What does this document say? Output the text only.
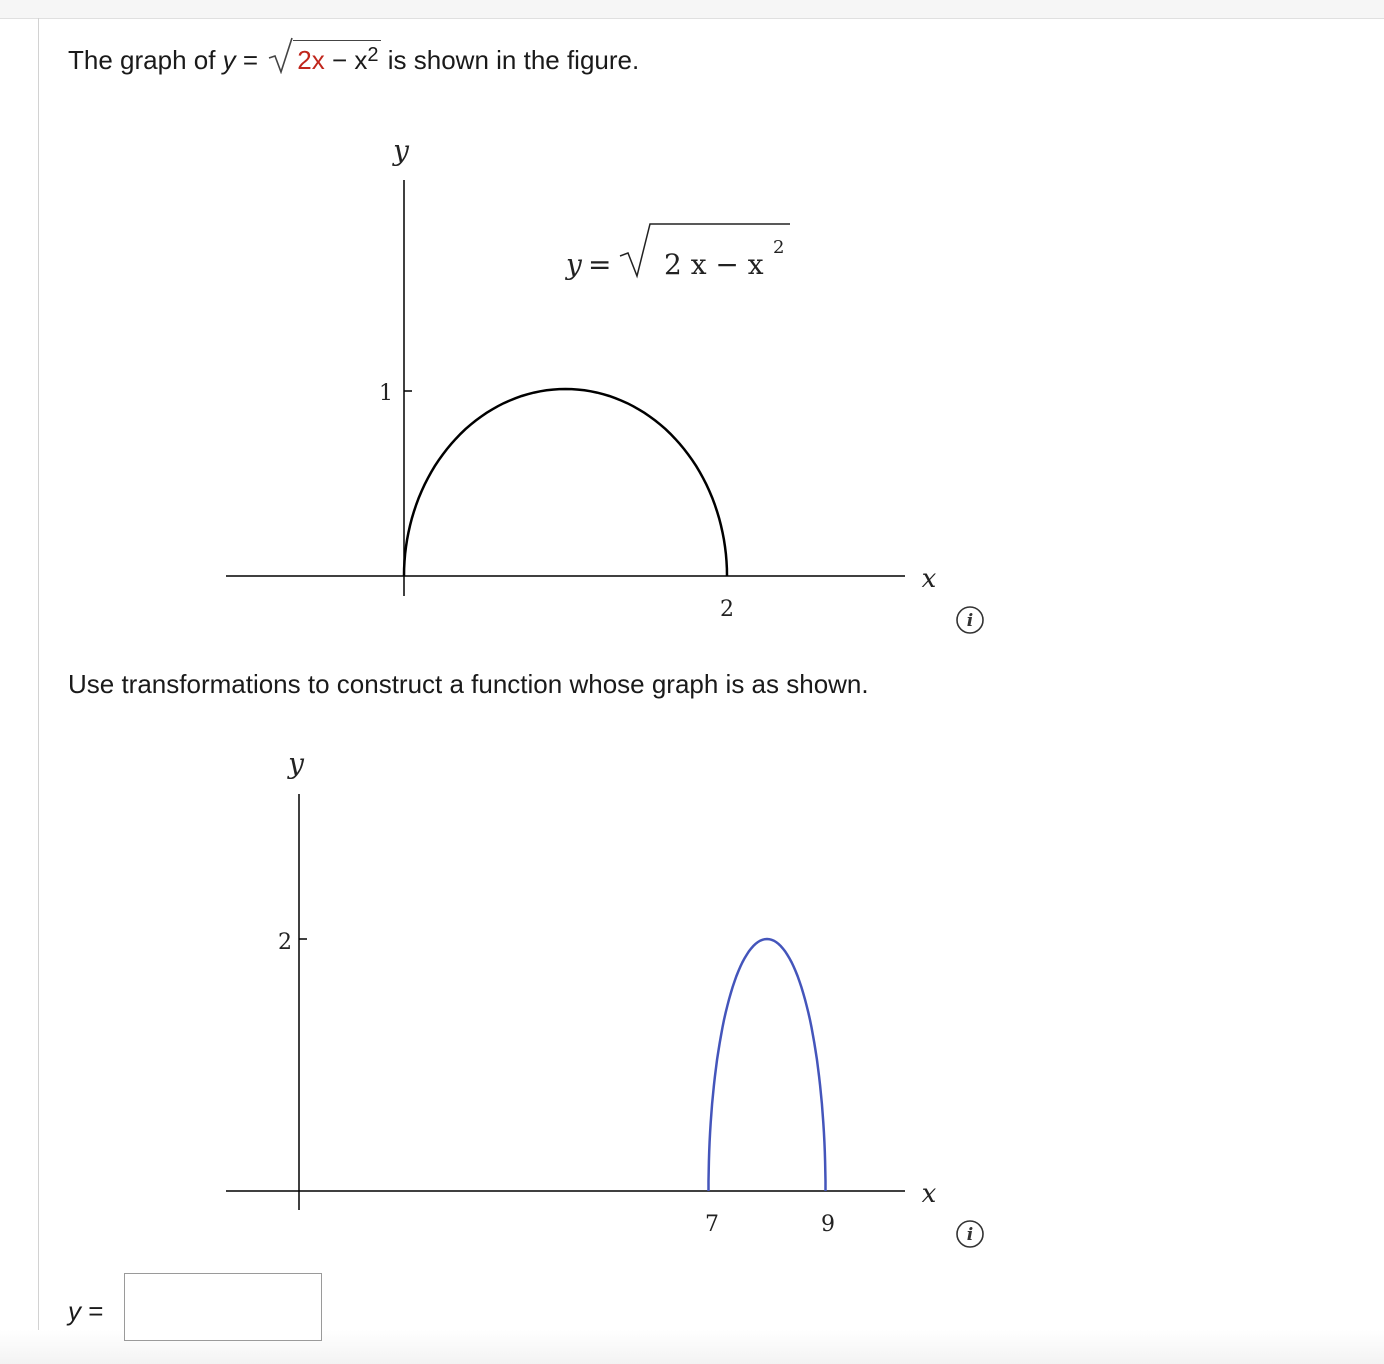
The graph of y =
$2x - x^2$ is shown in the figure.
y
x
1
2
y = 2 x − x
2
i
Use transformations to construct a function whose graph is as shown.
y
x
2
7	9	i
y =
